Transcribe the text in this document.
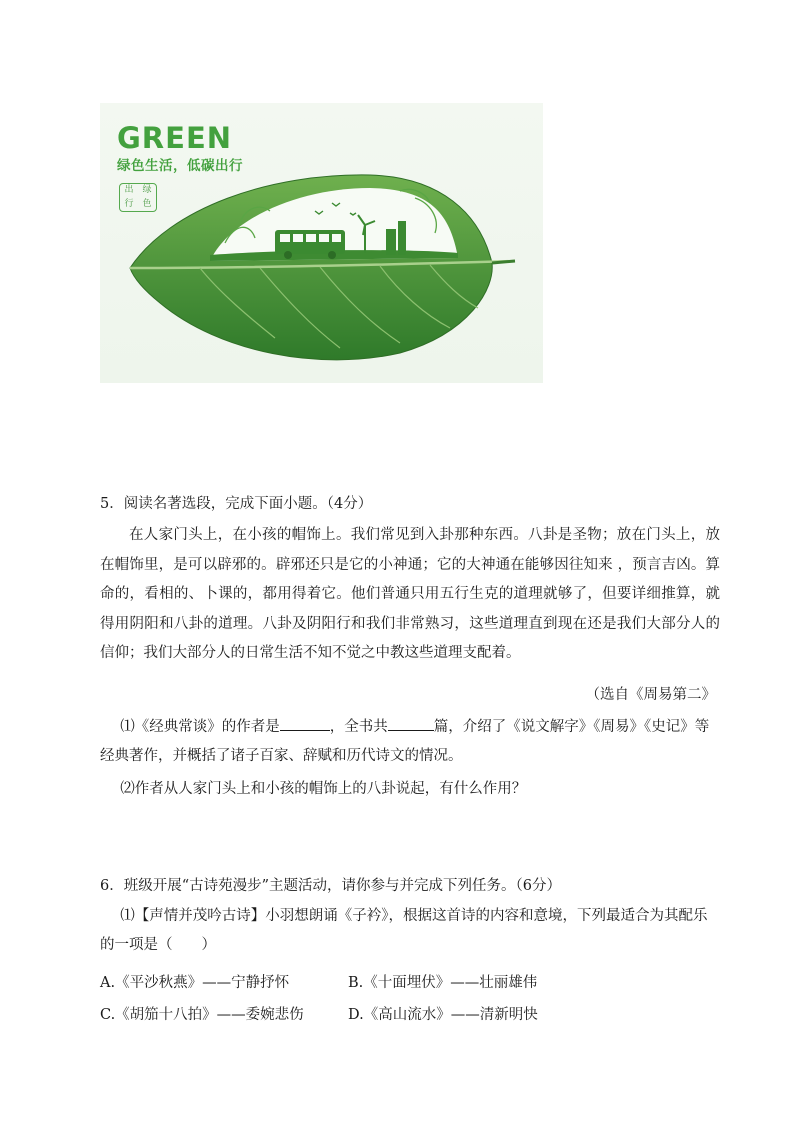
GREEN
绿色生活，低碳出行
出 绿
行 色
5．阅读名著选段，完成下面小题。（4分）
在人家门头上，在小孩的帽饰上。我们常见到入卦那种东西。八卦是圣物；放在门头上，放在帽饰里，是可以辟邪的。辟邪还只是它的小神通；它的大神通在能够因往知来 ，预言吉凶。算命的，看相的、卜课的，都用得着它。他们普通只用五行生克的道理就够了，但要详细推算，就得用阴阳和八卦的道理。八卦及阴阳行和我们非常熟习，这些道理直到现在还是我们大部分人的信仰；我们大部分人的日常生活不知不觉之中教这些道理支配着。
（选自《周易第二》
⑴《经典常谈》的作者是	，全书共	篇，介绍了《说文解字》《周易》《史记》等经典著作，并概括了诸子百家、辞赋和历代诗文的情况。
⑵作者从人家门头上和小孩的帽饰上的八卦说起，有什么作用？
6．班级开展“古诗苑漫步”主题活动，请你参与并完成下列任务。（6分）
⑴【声情并茂吟古诗】小羽想朗诵《子衿》，根据这首诗的内容和意境，下列最适合为其配乐的一项是（　　）
A.《平沙秋燕》——宁静抒怀	B.《十面埋伏》——壮丽雄伟
C.《胡笳十八拍》——委婉悲伤	D.《高山流水》——清新明快
